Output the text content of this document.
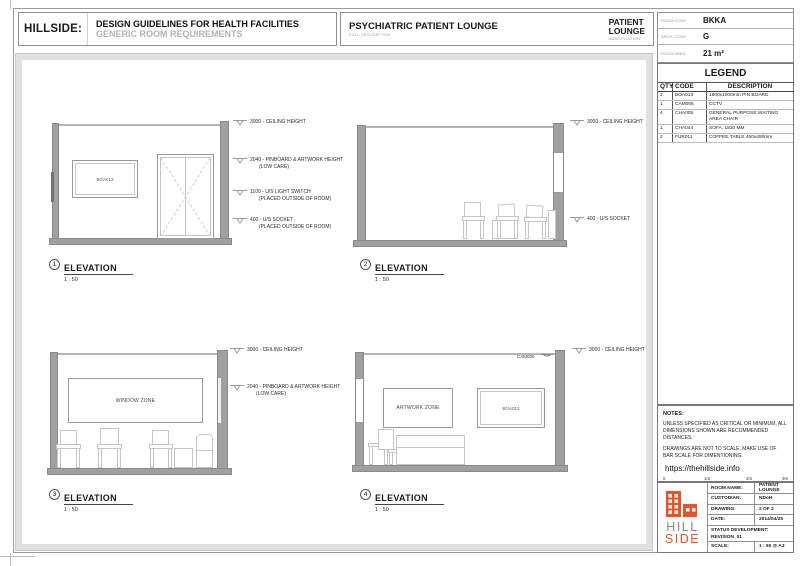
HILLSIDE: DESIGN GUIDELINES FOR HEALTH FACILITIES
GENERIC ROOM REQUIREMENTS
PSYCHIATRIC PATIENT LOUNGE
FULL DESCRIPTION
PATIENT
LOUNGE
ABBREVIATION
ROOM CODE	BKKA
ARCH. CODE	G
ROOM AREA	21 m²
LEGEND
QTY CODE	DESCRIPTION
2	BOA013	1800x1000mm PIN BOARD
1	CAM005	CCTV
4	CHA005	GENERAL PURPOSE WAITING AREA CHAIR
1	CHA044	SOFA, 1830 MM
2	FUR011	COFFEE TABLE 450x450mm
NOTES:
UNLESS SPECIFIED AS CRITICAL OR MINIMUM, ALL DIMENSIONS SHOWN ARE RECOMMENDED DISTANCES.
DRAWINGS ARE NOT TO SCALE, MAKE USE OF BAR SCALE FOR DIMENTIONING.
https://thehillside.info
0	1m	2m	3m
HILL
SIDE
ROOM NAME:	PATIENT LOUNGE
CUSTODIAN:	NDoH
DRAWING:	2 OF 2
DATE:	2014/04/25
STATUS DEVELOPMENT:
REVISION_01
SCALE:	1 : 50 @ A3
BOA013
3000 - CEILING HEIGHT
2040 - PINBOARD & ARTWORK HEIGHT
(LOW CARE)
1100 - U/S LIGHT SWITCH
(PLACED OUTSIDE OF ROOM)
400 - U/S SOCKET
(PLACED OUTSIDE OF ROOM)
1 ELEVATION
1 : 50
3000 - CEILING HEIGHT
400 - U/S SOCKET
2 ELEVATION
1 : 50
WINDOW ZONE
3000 - CEILING HEIGHT
2040 - PINBOARD & ARTWORK HEIGHT
(LOW CARE)
3 ELEVATION
1 : 50
CAM005
ARTWORK ZONE	BOA013
3000 - CEILING HEIGHT
4 ELEVATION
1 : 50
